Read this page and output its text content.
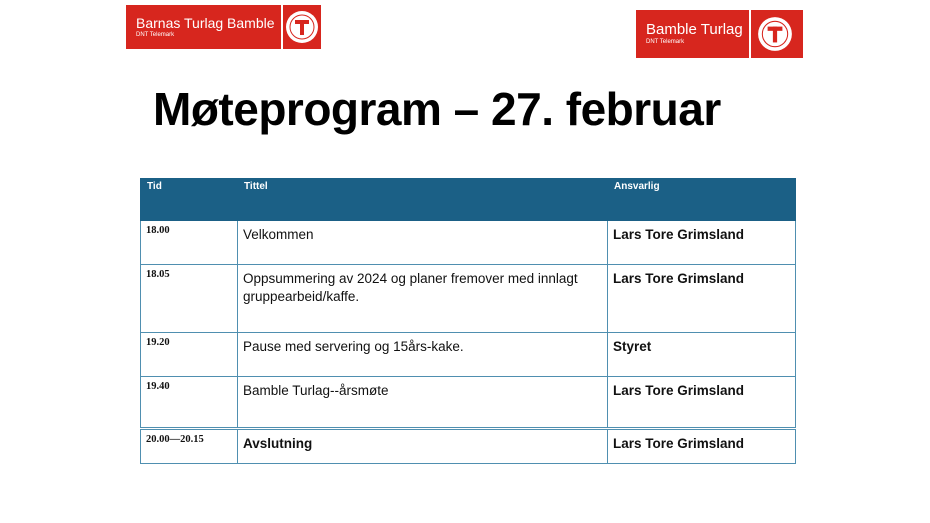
Barnas Turlag Bamble
DNT Telemark	Bamble Turlag
DNT Telemark
Møteprogram – 27. februar
Tid	Tittel	Ansvarlig
18.00	Velkommen	Lars Tore Grimsland
18.05	Oppsummering av 2024 og planer fremover med innlagt gruppearbeid/kaffe.	Lars Tore Grimsland
19.20	Pause med servering og 15års-kake.	Styret
19.40	Bamble Turlag--årsmøte	Lars Tore Grimsland
20.00—20.15	Avslutning	Lars Tore Grimsland
